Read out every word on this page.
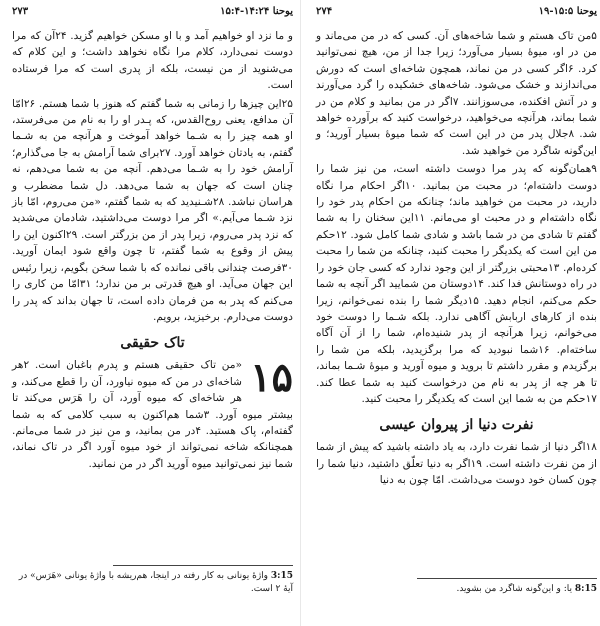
یوحنا ۱۴:۲۴-۱۵:۴
۲۷۳

و ما نزد او خواهیم آمد و با او مسکن خواهیم گزید. ۲۴آن که مرا دوست نمی‌دارد، کلام مرا نگاه نخواهد داشت؛ و این کلام که می‌شنوید از من نیست، بلکه از پدری است که مرا فرستاده است.

۲۵این چیزها را زمانی به شما گفتم که هنوز با شما هستم. ۲۶امّا آن مدافع، یعنی روح‌القدس، که پـدر او را به نام من می‌فرستد، او همه چیز را به شـما خواهد آموخت و هرآنچه من به شـما گفتم، به یادتان خواهد آورد. ۲۷برای شما آرامش به جا می‌گذارم؛ آرامش خود را به شـما می‌دهم. آنچه من به شما می‌دهم، نه چنان است که جهان به شما می‌دهد. دل شما مضطرب و هراسان نباشد. ۲۸شـنیدید که به شما گفتم، «من می‌روم، امّا باز نزد شـما می‌آیم.» اگر مرا دوست می‌داشتید، شادمان می‌شدید که نزد پدر می‌روم، زیرا پدر از من بزرگتر است. ۲۹اکنون این را پیش از وقوع به شما گفتم، تا چون واقع شود ایمان آورید. ۳۰فرصت چندانی باقی نمانده که با شما سخن بگویم، زیرا رئیس این جهان می‌آید. او هیچ قدرتی بر من ندارد؛ ۳۱امّا من کاری را می‌کنم که پدر به من فرمان داده است، تا جهان بداند که پدر را دوست می‌دارم. برخیزید، برویم.

تاک حقیقی
۱۵

«من تاک حقیقی هستم و پدرم باغبان است. ۲هر شاخه‌ای در من که میوه نیاورد، آن را قطع می‌کند، و هر شاخه‌ای که میوه آورد، آن را هَرَس می‌کند تا بیشتر میوه آورد. ۳شما هم‌اکنون به سبب کلامی که به شما گفته‌ام، پاک هستید. ۴در من بمانید، و من نیز در شما می‌مانم. همچنانکه شاخه نمی‌تواند از خود میوه آورد اگر در تاک نماند، شما نیز نمی‌توانید میوه آورید اگر در من نمانید.

3:15 واژهٔ یونانی به کار رفته در اینجا، هم‌ریشه با واژهٔ یونانی «هَرَس» در آیهٔ ۲ است.
یوحنا ۱۵:۵-۱۹
۲۷۴

۵من تاک هستم و شما شاخه‌های آن. کسی که در من می‌ماند و من در او، میوهٔ بسیار می‌آورد؛ زیرا جدا از من، هیچ نمی‌توانید کرد. ۶اگر کسی در من نماند، همچون شاخه‌ای است که دورش می‌اندازند و خشک می‌شود. شاخه‌های خشکیده را گرد می‌آورند و در آتش افکنده، می‌سوزانند. ۷اگر در من بمانید و کلام من در شما بماند، هرآنچه می‌خواهید، درخواست کنید که برآورده خواهد شد. ۸جلال پدر من در این است که شما میوهٔ بسیار آورید؛ و این‌گونه شاگرد من خواهید شد.

۹همان‌گونه که پدر مرا دوست داشته است، من نیز شما را دوست داشته‌ام؛ در محبت من بمانید. ۱۰اگر احکام مرا نگاه دارید، در محبت من خواهید ماند؛ چنانکه من احکام پدر خود را نگاه داشته‌ام و در محبت او می‌مانم. ۱۱این سخنان را به شما گفتم تا شادی من در شما باشد و شادی شما کامل شود. ۱۲حکم من این است که یکدیگر را محبت کنید، چنانکه من شما را محبت کرده‌ام. ۱۳محبتی بزرگتر از این وجود ندارد که کسی جان خود را در راه دوستانش فدا کند. ۱۴دوستان من شمایید اگر آنچه به شما حکم می‌کنم، انجام دهید. ۱۵دیگر شما را بنده نمی‌خوانم، زیرا بنده از کارهای اربابش آگاهی ندارد. بلکه شـما را دوست خود می‌خوانم، زیرا هرآنچه از پدر شنیده‌ام، شما را از آن آگاه ساخته‌ام. ۱۶شما نبودید که مرا برگزیدید، بلکه من شما را برگزیدم و مقرر داشتم تا بروید و میوه آورید و میوهٔ شـما بماند، تا هر چه از پدر به نام من درخواست کنید به شما عطا کند. ۱۷حکم من به شما این است که یکدیگر را محبت کنید.

نفرت دنیا از پیروان عیسی

۱۸اگر دنیا از شما نفرت دارد، به یاد داشته باشید که پیش از شما از من نفرت داشته است. ۱۹اگر به دنیا تعلّق داشتید، دنیا شما را چون کسان خود دوست می‌داشت. امّا چون به دنیا

8:15 یا: و این‌گونه شاگرد من بشوید.
